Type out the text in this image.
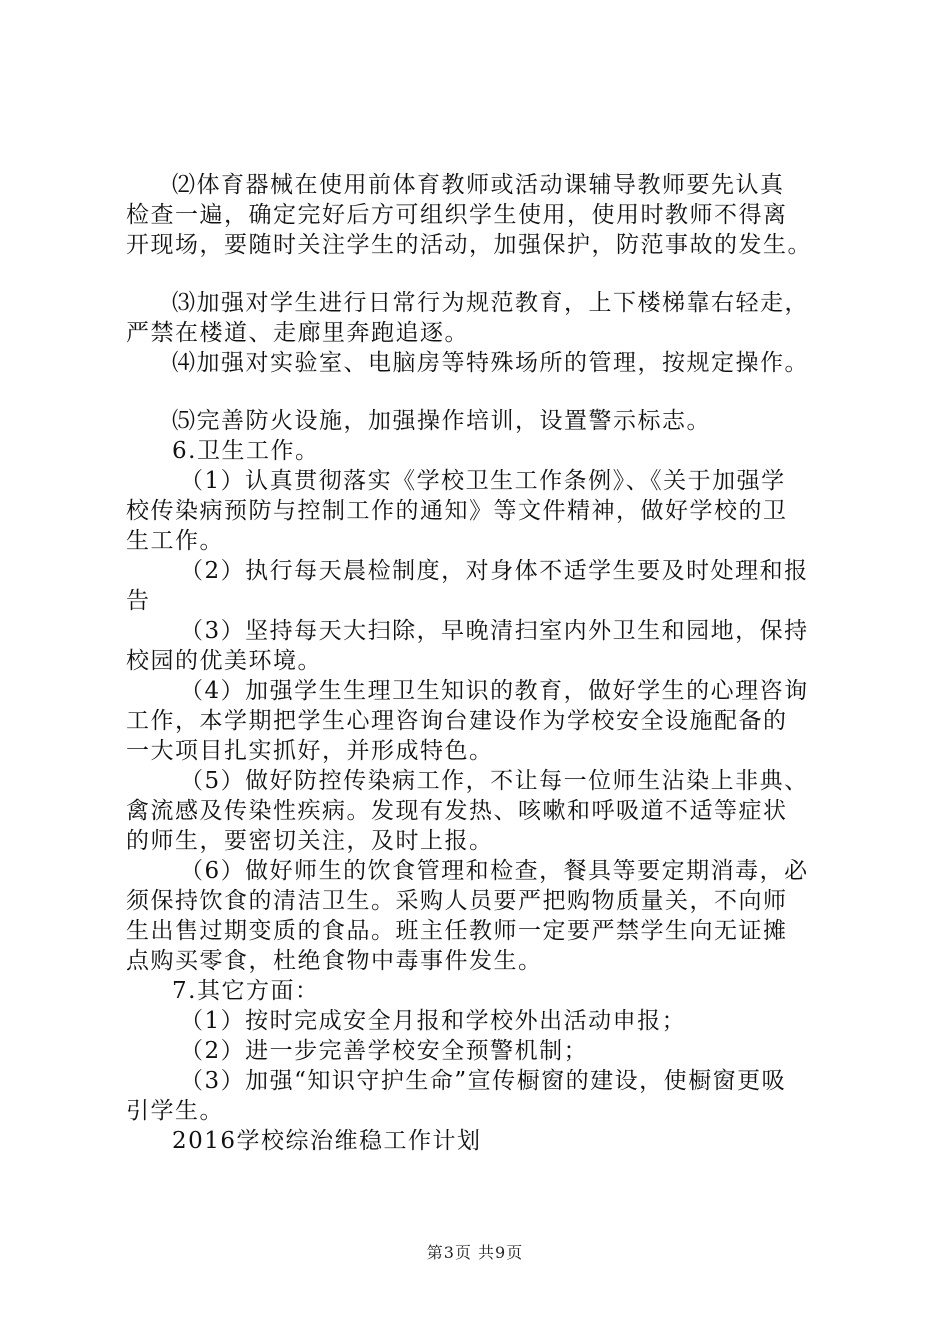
⑵体育器械在使用前体育教师或活动课辅导教师要先认真
检查一遍，确定完好后方可组织学生使用，使用时教师不得离
开现场，要随时关注学生的活动，加强保护，防范事故的发生。
⑶加强对学生进行日常行为规范教育，上下楼梯靠右轻走，
严禁在楼道、走廊里奔跑追逐。
⑷加强对实验室、电脑房等特殊场所的管理，按规定操作。
⑸完善防火设施，加强操作培训，设置警示标志。
6.卫生工作。
（1）认真贯彻落实《学校卫生工作条例》、《关于加强学
校传染病预防与控制工作的通知》等文件精神，做好学校的卫
生工作。
（2）执行每天晨检制度，对身体不适学生要及时处理和报
告
（3）坚持每天大扫除，早晚清扫室内外卫生和园地，保持
校园的优美环境。
（4）加强学生生理卫生知识的教育，做好学生的心理咨询
工作，本学期把学生心理咨询台建设作为学校安全设施配备的
一大项目扎实抓好，并形成特色。
（5）做好防控传染病工作，不让每一位师生沾染上非典、
禽流感及传染性疾病。发现有发热、咳嗽和呼吸道不适等症状
的师生，要密切关注，及时上报。
（6）做好师生的饮食管理和检查，餐具等要定期消毒，必
须保持饮食的清洁卫生。采购人员要严把购物质量关，不向师
生出售过期变质的食品。班主任教师一定要严禁学生向无证摊
点购买零食，杜绝食物中毒事件发生。
7.其它方面：
（1）按时完成安全月报和学校外出活动申报；
（2）进一步完善学校安全预警机制；
（3）加强“知识守护生命”宣传橱窗的建设，使橱窗更吸
引学生。
2016学校综治维稳工作计划
第3页 共9页
